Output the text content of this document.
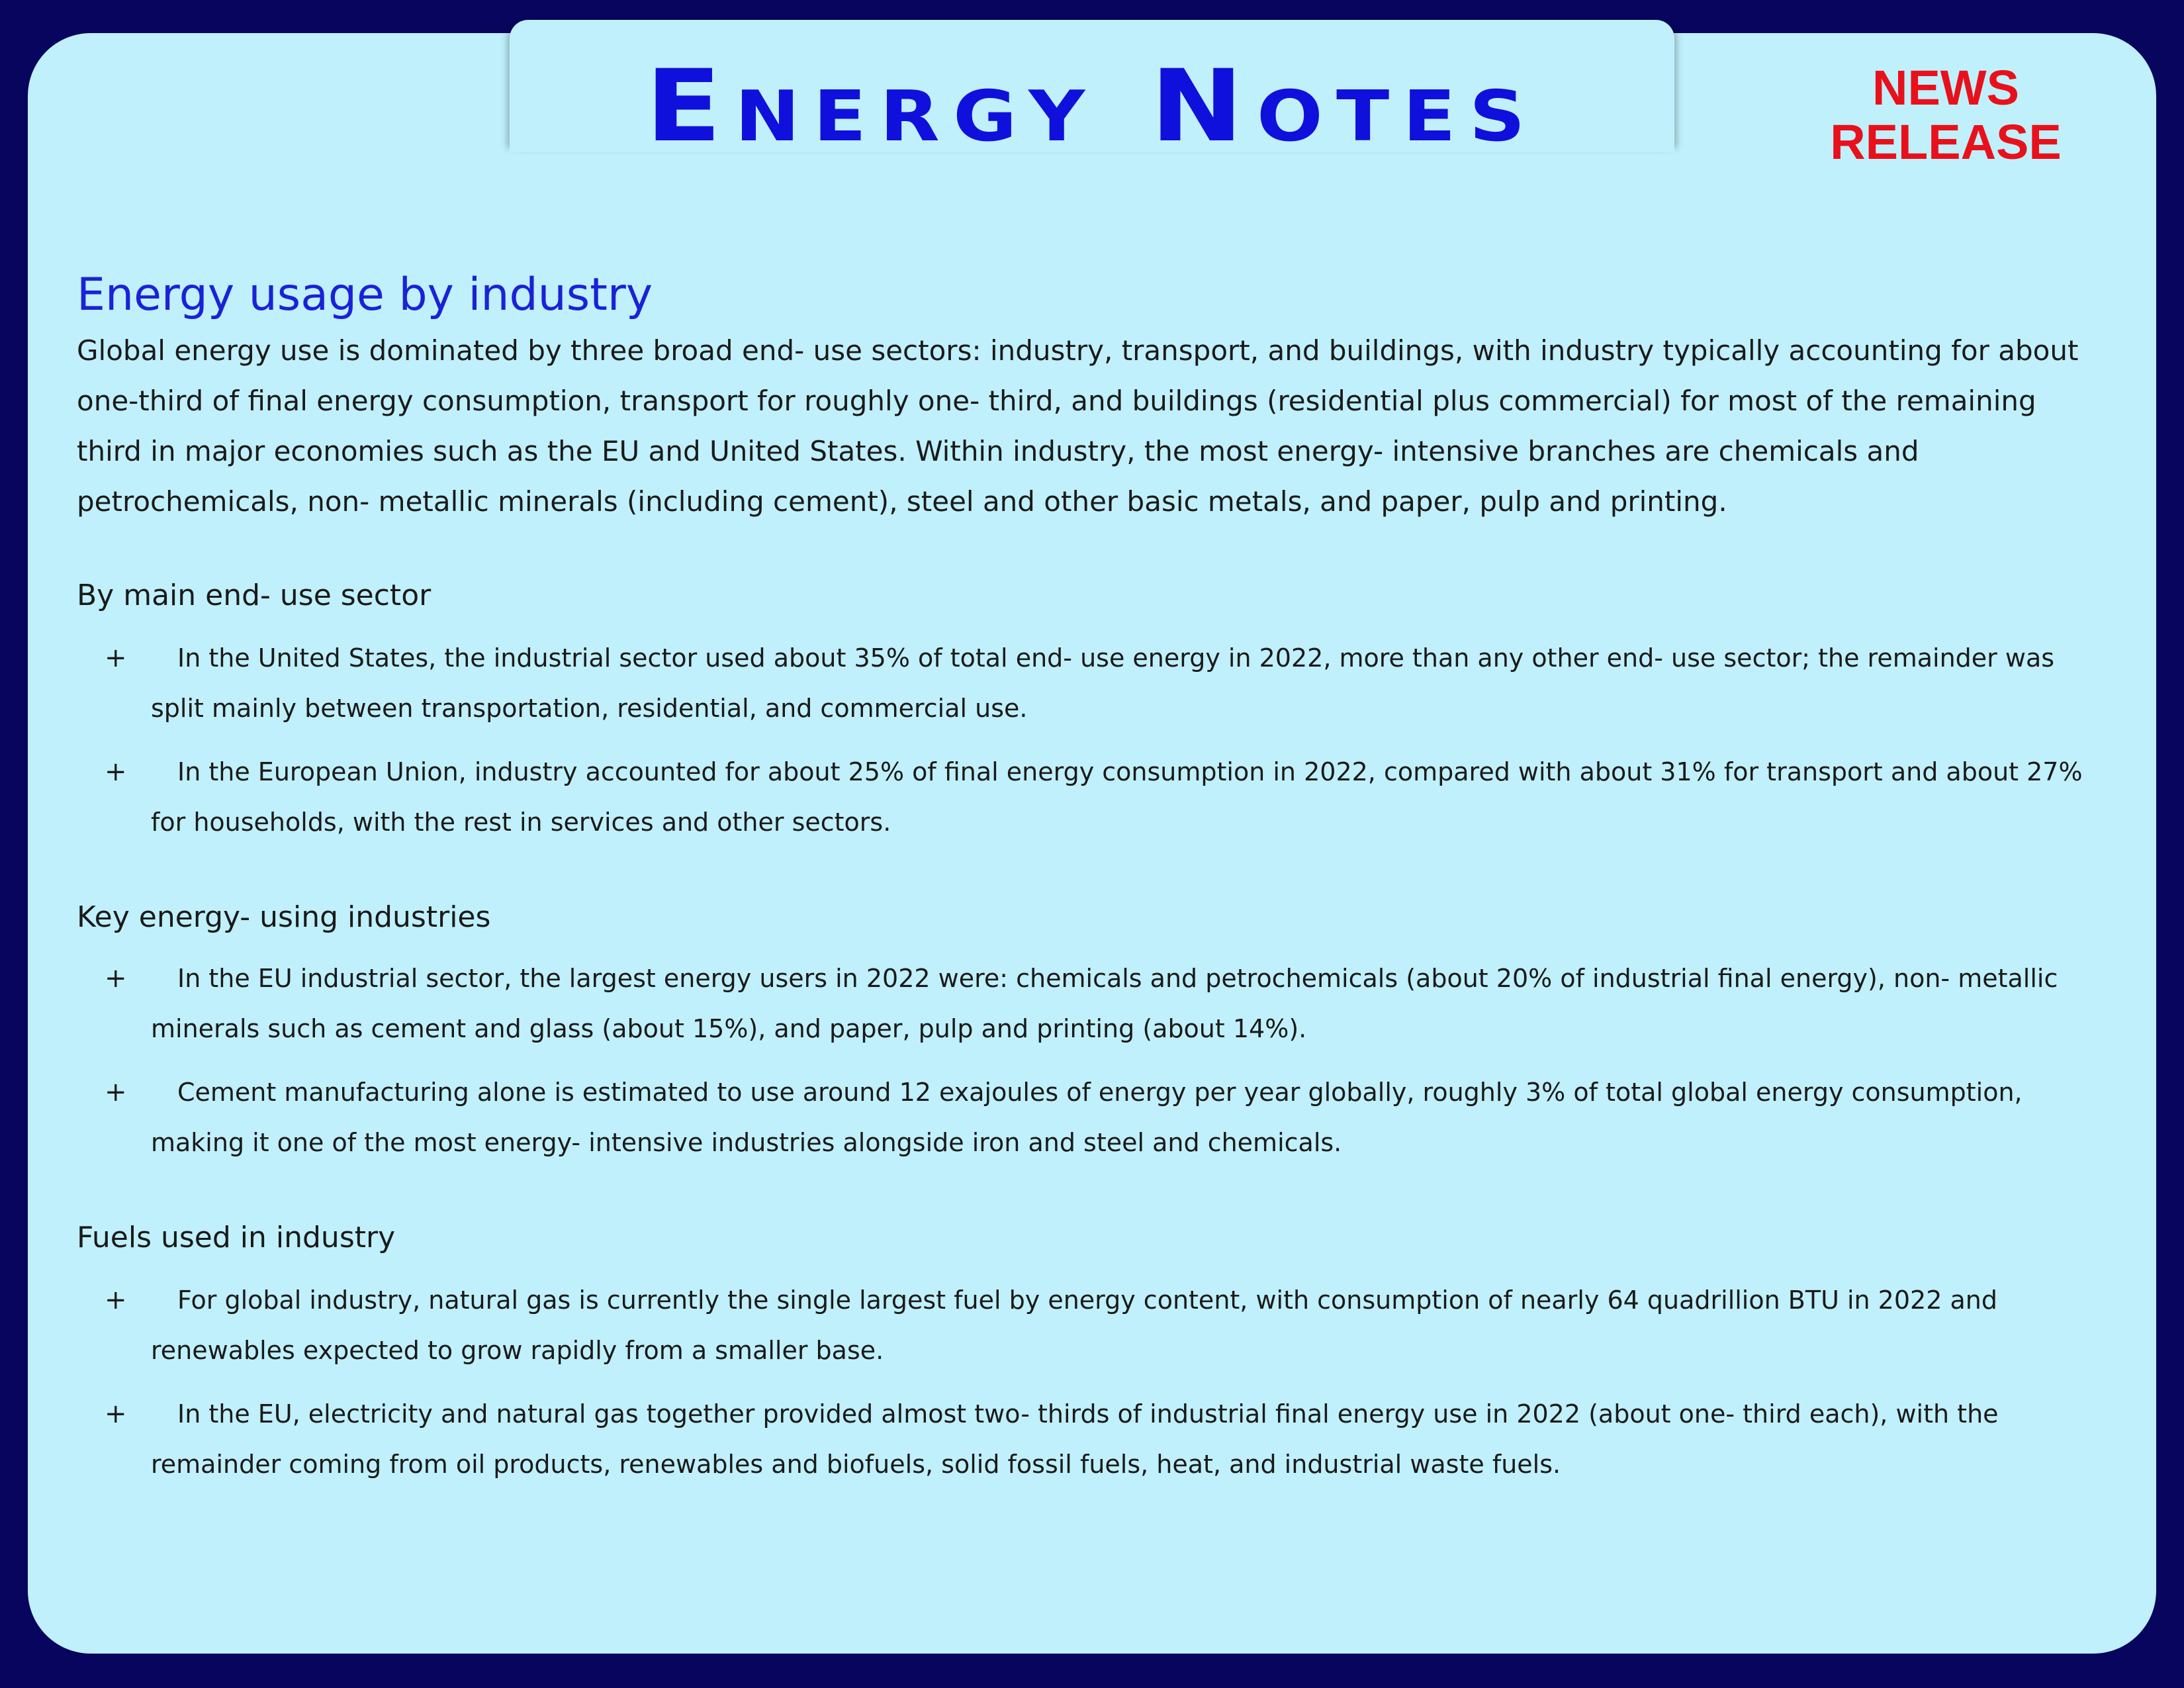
Energy Notes	NEWS
RELEASE
Energy usage by industry

Global energy use is dominated by three broad end- use sectors: industry, transport, and buildings, with industry typically accounting for about one-third of final energy consumption, transport for roughly one- third, and buildings (residential plus commercial) for most of the remaining third in major economies such as the EU and United States. Within industry, the most energy- intensive branches are chemicals and petrochemicals, non- metallic minerals (including cement), steel and other basic metals, and paper, pulp and printing.

By main end- use sector
+	In the United States, the industrial sector used about 35% of total end- use energy in 2022, more than any other end- use sector; the remainder was split mainly between transportation, residential, and commercial use.
+	In the European Union, industry accounted for about 25% of final energy consumption in 2022, compared with about 31% for transport and about 27% for households, with the rest in services and other sectors.
Key energy- using industries
+	In the EU industrial sector, the largest energy users in 2022 were: chemicals and petrochemicals (about 20% of industrial final energy), non- metallic minerals such as cement and glass (about 15%), and paper, pulp and printing (about 14%).
+	Cement manufacturing alone is estimated to use around 12 exajoules of energy per year globally, roughly 3% of total global energy consumption, making it one of the most energy- intensive industries alongside iron and steel and chemicals.
Fuels used in industry
+	For global industry, natural gas is currently the single largest fuel by energy content, with consumption of nearly 64 quadrillion BTU in 2022 and renewables expected to grow rapidly from a smaller base.
+	In the EU, electricity and natural gas together provided almost two- thirds of industrial final energy use in 2022 (about one- third each), with the remainder coming from oil products, renewables and biofuels, solid fossil fuels, heat, and industrial waste fuels.
